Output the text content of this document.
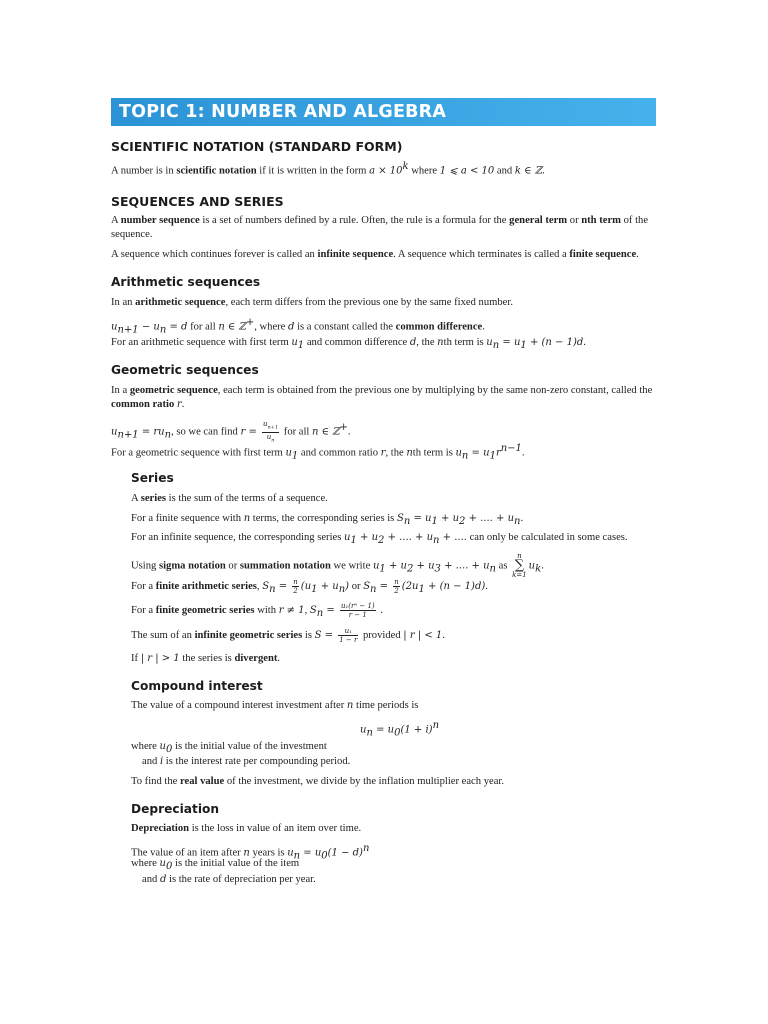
TOPIC 1: NUMBER AND ALGEBRA
SCIENTIFIC NOTATION (STANDARD FORM)
A number is in scientific notation if it is written in the form $a \times 10^k$ where 1 ⩽ a < 10 and k ∈ ℤ.
SEQUENCES AND SERIES
A number sequence is a set of numbers defined by a rule. Often, the rule is a formula for the general term or nth term of the
sequence.
A sequence which continues forever is called an infinite sequence. A sequence which terminates is called a finite sequence.
Arithmetic sequences
In an arithmetic sequence, each term differs from the previous one by the same fixed number.
$u_{n+1} - u_n = d$ for all n ∈ ℤ+, where d is a constant called the common difference.
For an arithmetic sequence with first term $u_1$ and common difference d, the nth term is $u_n = u_1 + (n - 1)d$.
Geometric sequences
In a geometric sequence, each term is obtained from the previous one by multiplying by the same non-zero constant, called the
common ratio r.
$u_{n+1} = ru_n$, so we can find $r = \frac{u_{n+1}}{u_n}$ for all n ∈ ℤ+.
For a geometric sequence with first term $u_1$ and common ratio r, the nth term is $u_n = u_1r^{n-1}$.
Series
A series is the sum of the terms of a sequence.
For a finite sequence with n terms, the corresponding series is $S_n = u_1 + u_2$ + .... + $u_n$.
For an infinite sequence, the corresponding series $u_1 + u_2$ + .... + $u_n$ + .... can only be calculated in some cases.
Using sigma notation or summation notation we write $u_1 + u_2 + u_3$ + .... + $u_n$ as n
∑
$k=1u_k$.
For a finite arithmetic series, $S_n = \frac{n}{2} (u_1 + u_n)$ or $S_n = \frac{n}{2} (2u_1 + (n - 1)d)$.
For a finite geometric series with r ≠ 1, $S_n = \frac{\text{u₁(rⁿ − 1)}}{r - 1}$ .
The sum of an infinite geometric series is $S = \frac{\text{u₁}}{1 - r}$ provided | r | < 1.
If | r | > 1 the series is divergent.
Compound interest
The value of a compound interest investment after n time periods is
$u_n = u_0(1 + i)^n$
where $u_0$ is the initial value of the investment
and i is the interest rate per compounding period.
To find the real value of the investment, we divide by the inflation multiplier each year.
Depreciation
Depreciation is the loss in value of an item over time.
The value of an item after n years is $u_n = u_0(1 - d)^n$
where $u_0$ is the initial value of the item
and d is the rate of depreciation per year.
